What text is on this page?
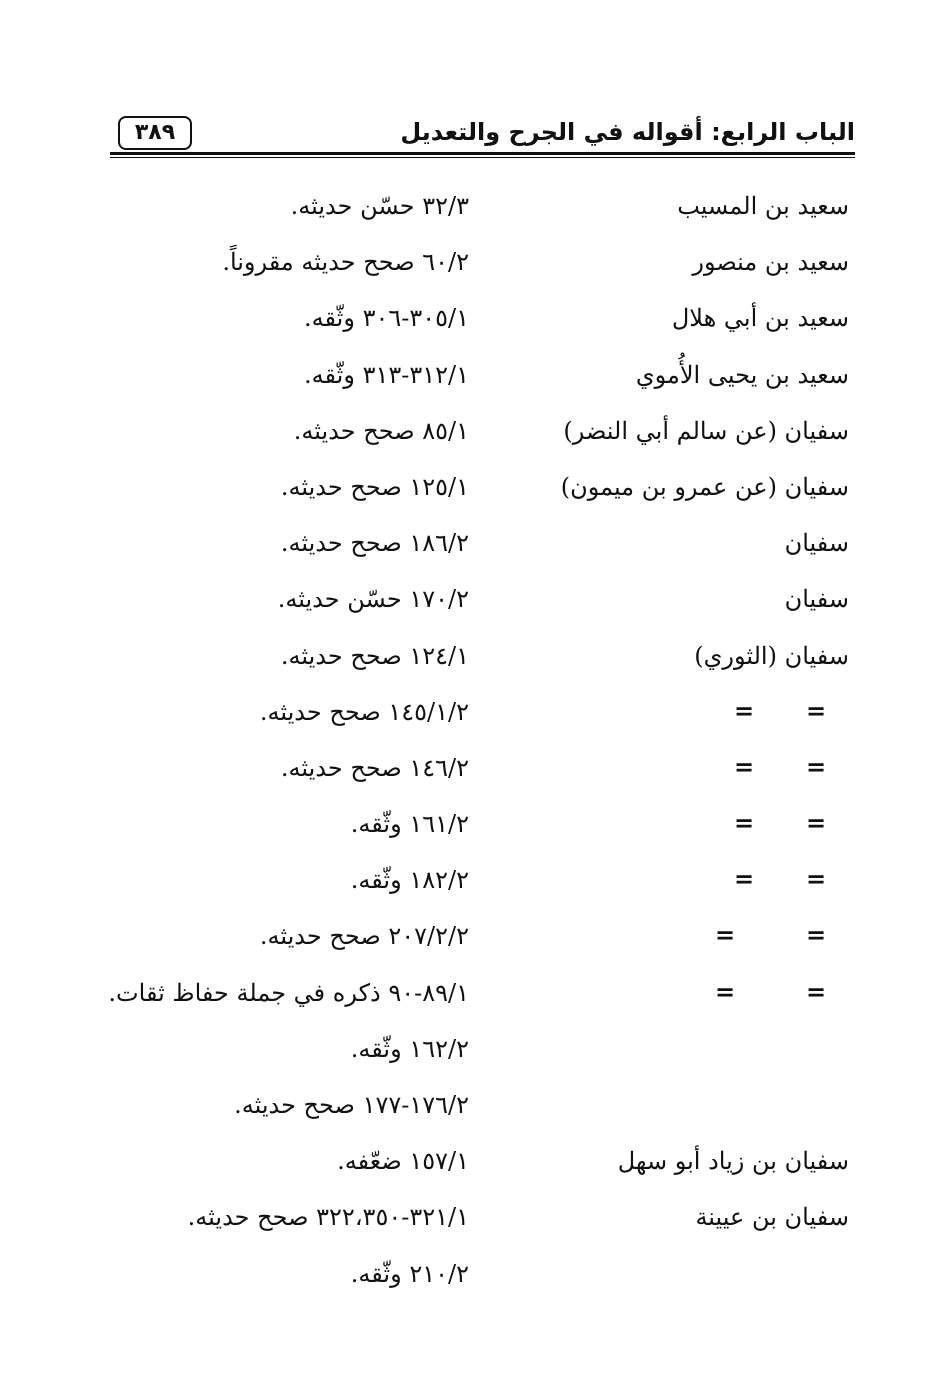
الباب الرابع: أقواله في الجرح والتعديل
٣٨٩
سعيد بن المسيب
٣٢/٣ حسّن حديثه.
سعيد بن منصور
٦٠/٢ صحح حديثه مقروناً.
سعيد بن أبي هلال
٣٠٥/١-٣٠٦ وثّقه.
سعيد بن يحيى الأُموي
٣١٢/١-٣١٣ وثّقه.
سفيان (عن سالم أبي النضر)
٨٥/١ صحح حديثه.
سفيان (عن عمرو بن ميمون)
١٢٥/١ صحح حديثه.
سفيان
١٨٦/٢ صحح حديثه.
سفيان
١٧٠/٢ حسّن حديثه.
سفيان (الثوري)
١٢٤/١ صحح حديثه.
=
=
١٤٥/١/٢ صحح حديثه.
=
=
١٤٦/٢ صحح حديثه.
=
=
١٦١/٢ وثّقه.
=
=
١٨٢/٢ وثّقه.
=
=
٢٠٧/٢/٢ صحح حديثه.
=
=
٨٩/١-٩٠ ذكره في جملة حفاظ ثقات.
١٦٢/٢ وثّقه.
١٧٦/٢-١٧٧ صحح حديثه.
سفيان بن زياد أبو سهل
١٥٧/١ ضعّفه.
سفيان بن عيينة
٣٢١/١-٣٢٢،٣٥٠ صحح حديثه.
٢١٠/٢ وثّقه.
